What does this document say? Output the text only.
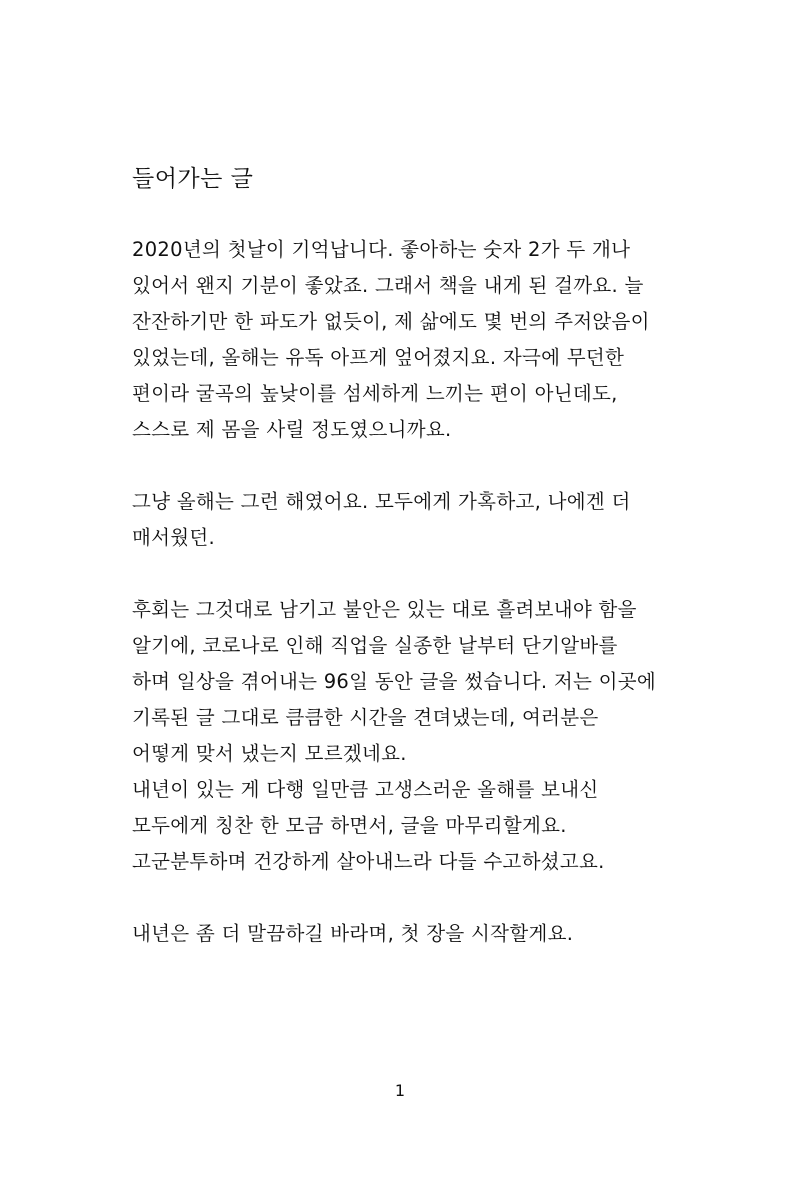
들어가는 글
2020년의 첫날이 기억납니다. 좋아하는 숫자 2가 두 개나
있어서 왠지 기분이 좋았죠. 그래서 책을 내게 된 걸까요. 늘
잔잔하기만 한 파도가 없듯이, 제 삶에도 몇 번의 주저앉음이
있었는데, 올해는 유독 아프게 엎어졌지요. 자극에 무던한
편이라 굴곡의 높낮이를 섬세하게 느끼는 편이 아닌데도,
스스로 제 몸을 사릴 정도였으니까요.
그냥 올해는 그런 해였어요. 모두에게 가혹하고, 나에겐 더
매서웠던.
후회는 그것대로 남기고 불안은 있는 대로 흘려보내야 함을
알기에, 코로나로 인해 직업을 실종한 날부터 단기알바를
하며 일상을 겪어내는 96일 동안 글을 썼습니다. 저는 이곳에
기록된 글 그대로 큼큼한 시간을 견뎌냈는데, 여러분은
어떻게 맞서 냈는지 모르겠네요.
내년이 있는 게 다행 일만큼 고생스러운 올해를 보내신
모두에게 칭찬 한 모금 하면서, 글을 마무리할게요.
고군분투하며 건강하게 살아내느라 다들 수고하셨고요.
내년은 좀 더 말끔하길 바라며, 첫 장을 시작할게요.
1
